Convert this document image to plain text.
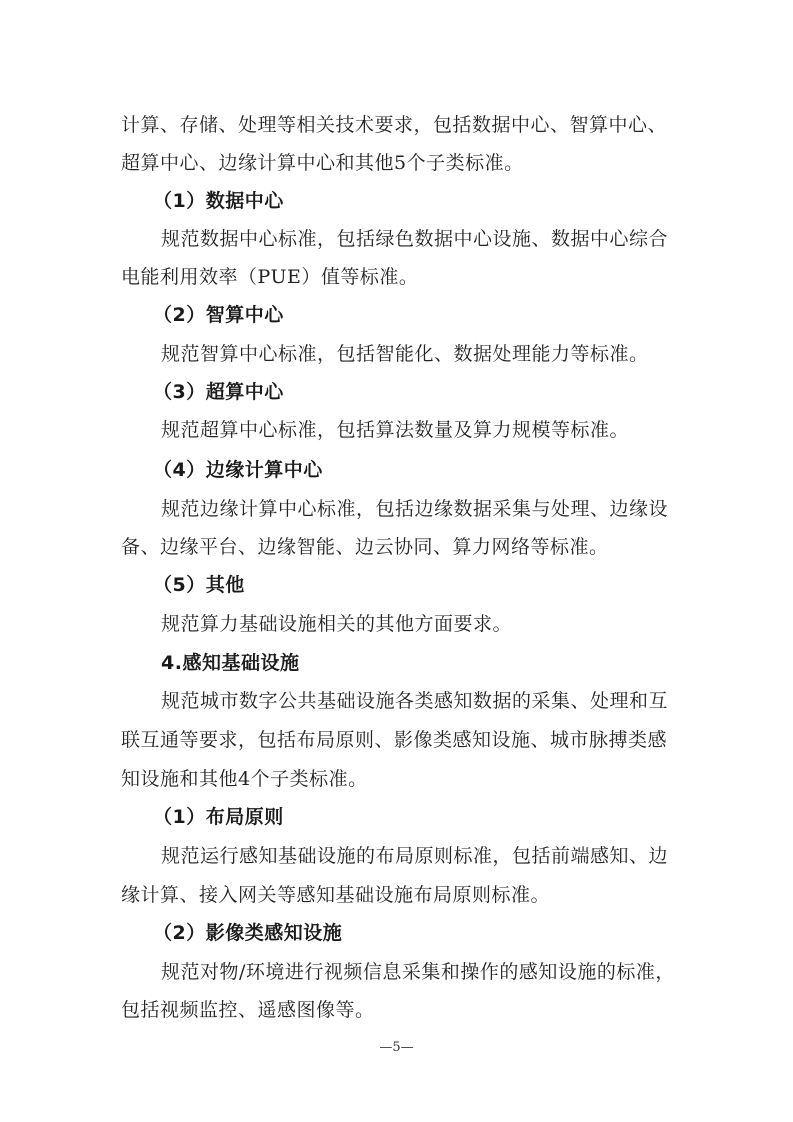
计算、存储、处理等相关技术要求，包括数据中心、智算中心、
超算中心、边缘计算中心和其他5个子类标准。
（1）数据中心
规范数据中心标准，包括绿色数据中心设施、数据中心综合
电能利用效率（PUE）值等标准。
（2）智算中心
规范智算中心标准，包括智能化、数据处理能力等标准。
（3）超算中心
规范超算中心标准，包括算法数量及算力规模等标准。
（4）边缘计算中心
规范边缘计算中心标准，包括边缘数据采集与处理、边缘设
备、边缘平台、边缘智能、边云协同、算力网络等标准。
（5）其他
规范算力基础设施相关的其他方面要求。
4.感知基础设施
规范城市数字公共基础设施各类感知数据的采集、处理和互
联互通等要求，包括布局原则、影像类感知设施、城市脉搏类感
知设施和其他4个子类标准。
（1）布局原则
规范运行感知基础设施的布局原则标准，包括前端感知、边
缘计算、接入网关等感知基础设施布局原则标准。
（2）影像类感知设施
规范对物/环境进行视频信息采集和操作的感知设施的标准，
包括视频监控、遥感图像等。
—5—
